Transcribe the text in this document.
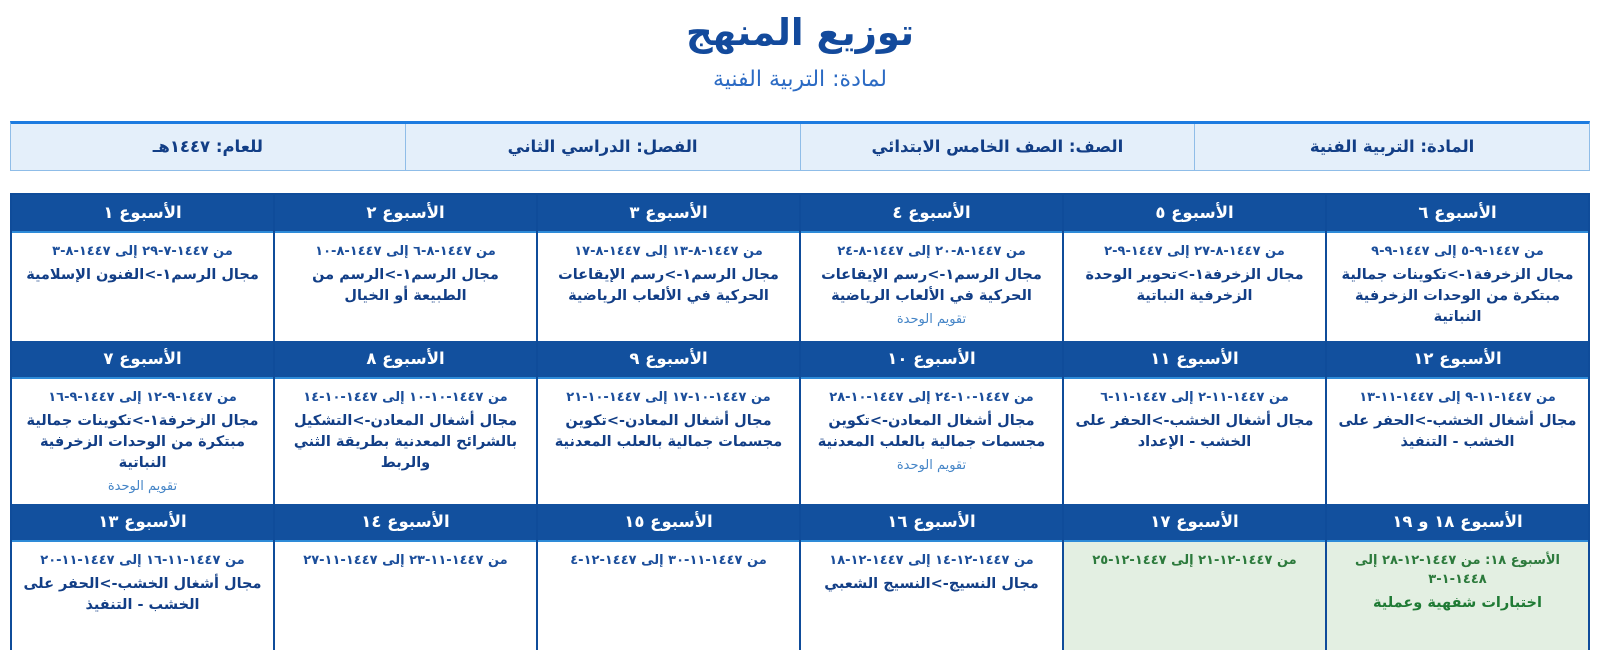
توزيع المنهج
لمادة: التربية الفنية
المادة: التربية الفنية
الصف: الصف الخامس الابتدائي
الفصل: الدراسي الثاني
للعام: ١٤٤٧هـ
الأسبوع ٦
من ١٤٤٧-٩-٥ إلى ١٤٤٧-٩-٩
مجال الزخرفة١->تكوينات جمالية مبتكرة من الوحدات الزخرفية النباتية
الأسبوع ٥
من ١٤٤٧-٨-٢٧ إلى ١٤٤٧-٩-٢
مجال الزخرفة١->تحوير الوحدة الزخرفية النباتية
الأسبوع ٤
من ١٤٤٧-٨-٢٠ إلى ١٤٤٧-٨-٢٤
مجال الرسم١->رسم الإيقاعات الحركية في الألعاب الرياضية
تقويم الوحدة
الأسبوع ٣
من ١٤٤٧-٨-١٣ إلى ١٤٤٧-٨-١٧
مجال الرسم١->رسم الإيقاعات الحركية في الألعاب الرياضية
الأسبوع ٢
من ١٤٤٧-٨-٦ إلى ١٤٤٧-٨-١٠
مجال الرسم١->الرسم من الطبيعة أو الخيال
الأسبوع ١
من ١٤٤٧-٧-٢٩ إلى ١٤٤٧-٨-٣
مجال الرسم١->الفنون الإسلامية
الأسبوع ١٢
من ١٤٤٧-١١-٩ إلى ١٤٤٧-١١-١٣
مجال أشغال الخشب->الحفر على الخشب - التنفيذ
الأسبوع ١١
من ١٤٤٧-١١-٢ إلى ١٤٤٧-١١-٦
مجال أشغال الخشب->الحفر على الخشب - الإعداد
الأسبوع ١٠
من ١٤٤٧-١٠-٢٤ إلى ١٤٤٧-١٠-٢٨
مجال أشغال المعادن->تكوين مجسمات جمالية بالعلب المعدنية
تقويم الوحدة
الأسبوع ٩
من ١٤٤٧-١٠-١٧ إلى ١٤٤٧-١٠-٢١
مجال أشغال المعادن->تكوين مجسمات جمالية بالعلب المعدنية
الأسبوع ٨
من ١٤٤٧-١٠-١٠ إلى ١٤٤٧-١٠-١٤
مجال أشغال المعادن->التشكيل بالشرائح المعدنية بطريقة الثني والربط
الأسبوع ٧
من ١٤٤٧-٩-١٢ إلى ١٤٤٧-٩-١٦
مجال الزخرفة١->تكوينات جمالية مبتكرة من الوحدات الزخرفية النباتية
تقويم الوحدة
الأسبوع ١٨ و ١٩
الأسبوع ١٨: من ١٤٤٧-١٢-٢٨ إلى ١٤٤٨-١-٣
اختبارات شفهية وعملية
الأسبوع ١٧
من ١٤٤٧-١٢-٢١ إلى ١٤٤٧-١٢-٢٥
الأسبوع ١٦
من ١٤٤٧-١٢-١٤ إلى ١٤٤٧-١٢-١٨
مجال النسيج->النسيج الشعبي
الأسبوع ١٥
من ١٤٤٧-١١-٣٠ إلى ١٤٤٧-١٢-٤
الأسبوع ١٤
من ١٤٤٧-١١-٢٣ إلى ١٤٤٧-١١-٢٧
الأسبوع ١٣
من ١٤٤٧-١١-١٦ إلى ١٤٤٧-١١-٢٠
مجال أشغال الخشب->الحفر على الخشب - التنفيذ
